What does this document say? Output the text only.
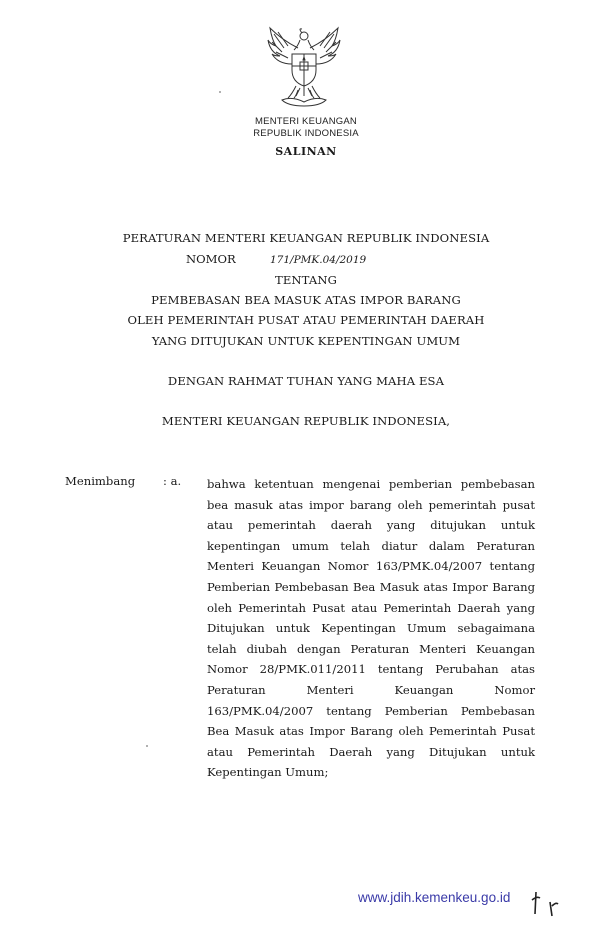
MENTERI KEUANGAN
REPUBLIK INDONESIA
SALINAN
PERATURAN MENTERI KEUANGAN REPUBLIK INDONESIA
NOMOR	171/PMK.04/2019
TENTANG
PEMBEBASAN BEA MASUK ATAS IMPOR BARANG
OLEH PEMERINTAH PUSAT ATAU PEMERINTAH DAERAH
YANG DITUJUKAN UNTUK KEPENTINGAN UMUM
DENGAN RAHMAT TUHAN YANG MAHA ESA
MENTERI KEUANGAN REPUBLIK INDONESIA,
Menimbang : a. bahwa ketentuan mengenai pemberian pembebasan
bea masuk atas impor barang oleh pemerintah pusat
atau pemerintah daerah yang ditujukan untuk
kepentingan umum telah diatur dalam Peraturan
Menteri Keuangan Nomor 163/PMK.04/2007 tentang
Pemberian Pembebasan Bea Masuk atas Impor Barang
oleh Pemerintah Pusat atau Pemerintah Daerah yang
Ditujukan untuk Kepentingan Umum sebagaimana
telah diubah dengan Peraturan Menteri Keuangan
Nomor 28/PMK.011/2011 tentang Perubahan atas
Peraturan Menteri Keuangan Nomor
163/PMK.04/2007 tentang Pemberian Pembebasan
Bea Masuk atas Impor Barang oleh Pemerintah Pusat
atau Pemerintah Daerah yang Ditujukan untuk
Kepentingan Umum;
www.jdih.kemenkeu.go.id
